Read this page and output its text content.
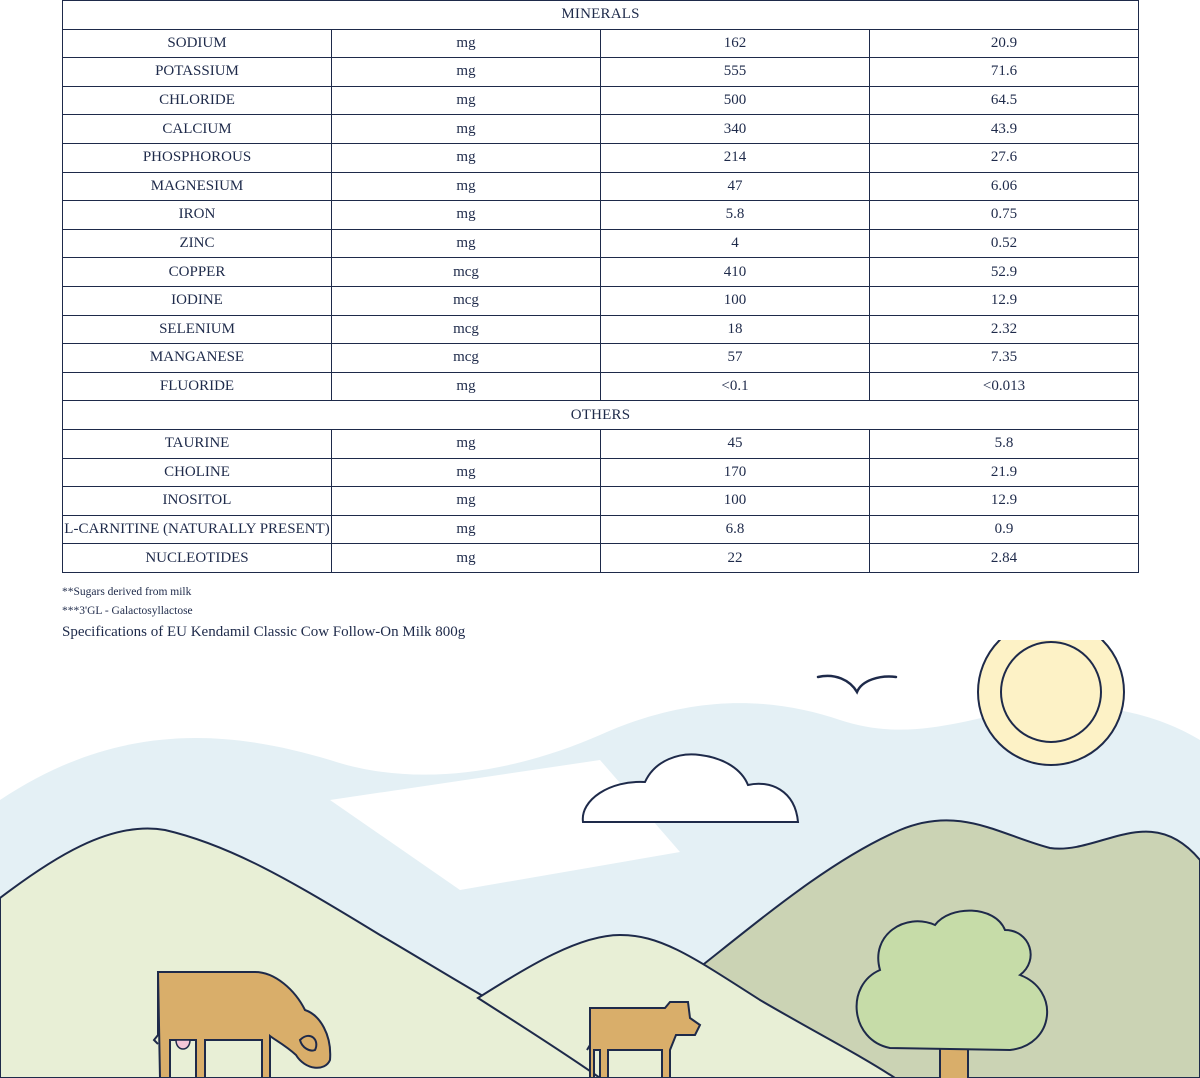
MINERALS			
SODIUM	mg	162	20.9
POTASSIUM	mg	555	71.6
CHLORIDE	mg	500	64.5
CALCIUM	mg	340	43.9
PHOSPHOROUS	mg	214	27.6
MAGNESIUM	mg	47	6.06
IRON	mg	5.8	0.75
ZINC	mg	4	0.52
COPPER	mcg	410	52.9
IODINE	mcg	100	12.9
SELENIUM	mcg	18	2.32
MANGANESE	mcg	57	7.35
FLUORIDE	mg	<0.1	<0.013
OTHERS			
TAURINE	mg	45	5.8
CHOLINE	mg	170	21.9
INOSITOL	mg	100	12.9
L-CARNITINE (NATURALLY PRESENT)	mg	6.8	0.9
NUCLEOTIDES	mg	22	2.84
**Sugars derived from milk
***3'GL - Galactosyllactose
Specifications of EU Kendamil Classic Cow Follow-On Milk 800g
